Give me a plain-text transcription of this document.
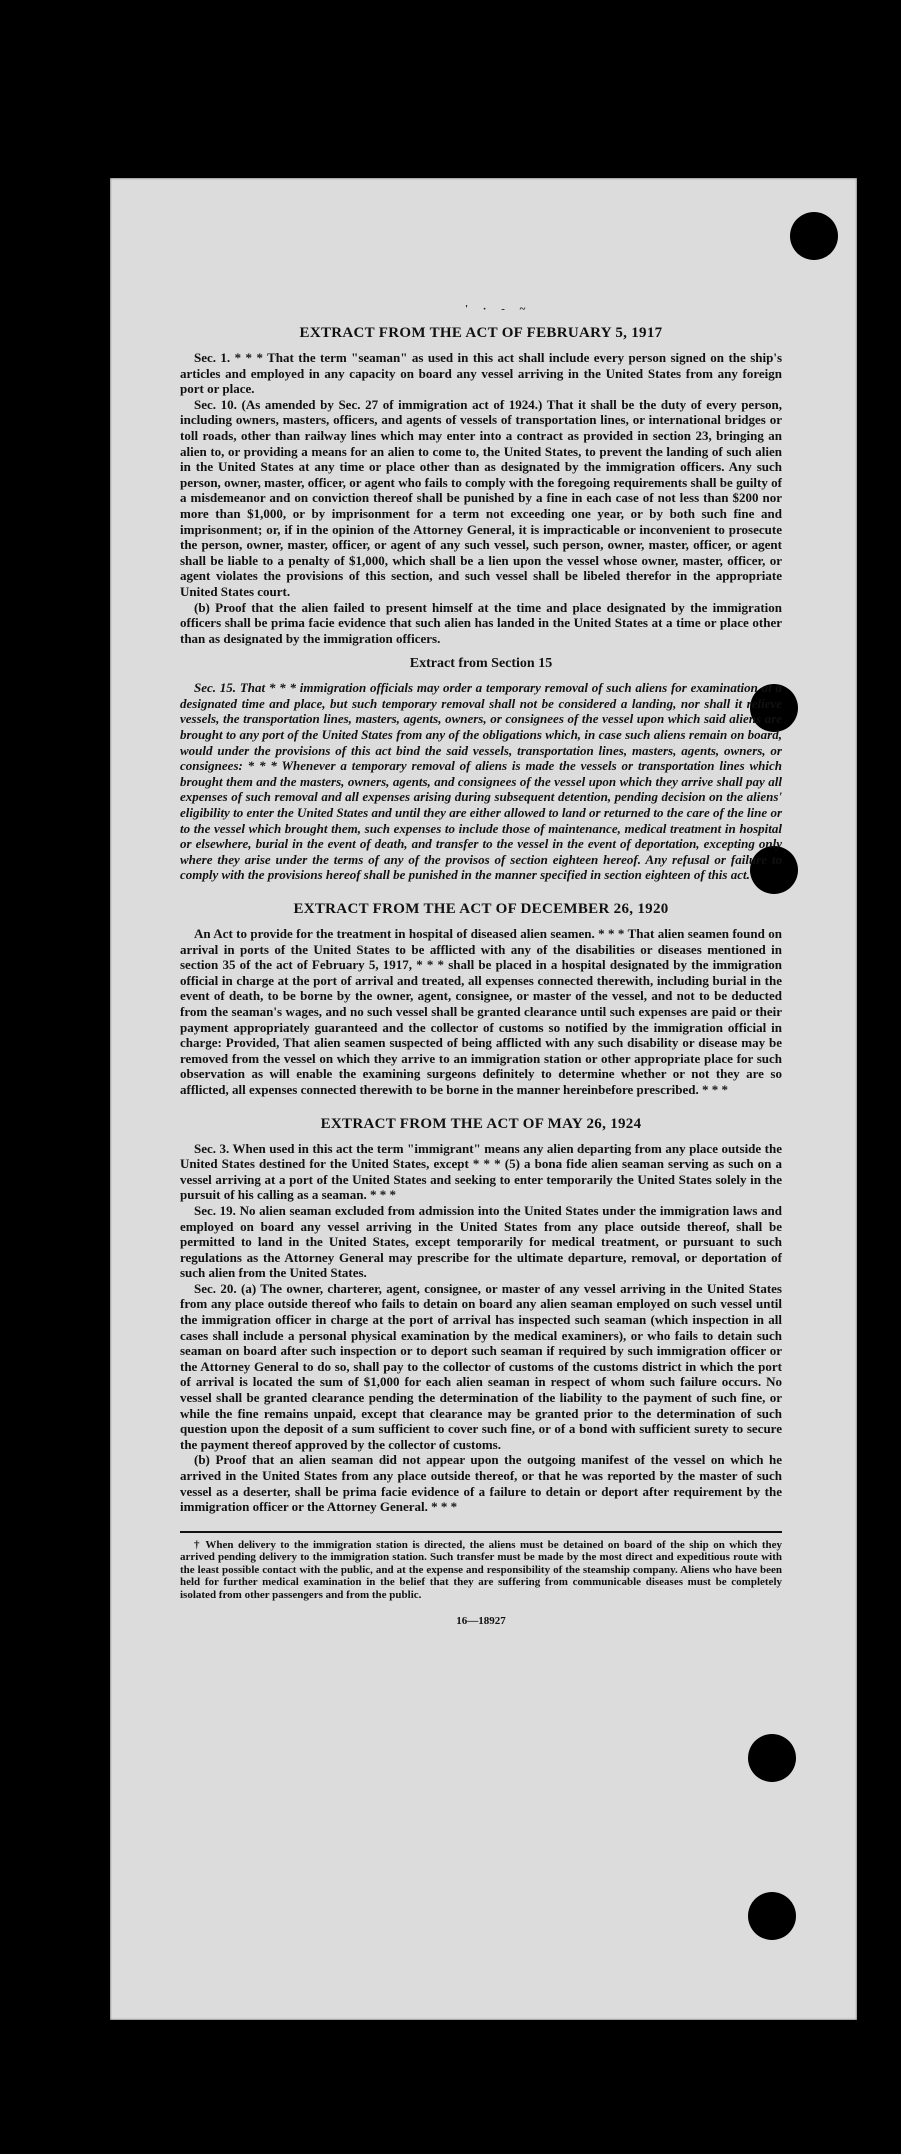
' · - ~
EXTRACT FROM THE ACT OF FEBRUARY 5, 1917

Sec. 1. * * * That the term "seaman" as used in this act shall include every person signed on the ship's articles and employed in any capacity on board any vessel arriving in the United States from any foreign port or place.

Sec. 10. (As amended by Sec. 27 of immigration act of 1924.) That it shall be the duty of every person, including owners, masters, officers, and agents of vessels of transportation lines, or international bridges or toll roads, other than railway lines which may enter into a contract as provided in section 23, bringing an alien to, or providing a means for an alien to come to, the United States, to prevent the landing of such alien in the United States at any time or place other than as designated by the immigration officers. Any such person, owner, master, officer, or agent who fails to comply with the foregoing requirements shall be guilty of a misdemeanor and on conviction thereof shall be punished by a fine in each case of not less than $200 nor more than $1,000, or by imprisonment for a term not exceeding one year, or by both such fine and imprisonment; or, if in the opinion of the Attorney General, it is impracticable or inconvenient to prosecute the person, owner, master, officer, or agent of any such vessel, such person, owner, master, officer, or agent shall be liable to a penalty of $1,000, which shall be a lien upon the vessel whose owner, master, officer, or agent violates the provisions of this section, and such vessel shall be libeled therefor in the appropriate United States court.

(b) Proof that the alien failed to present himself at the time and place designated by the immigration officers shall be prima facie evidence that such alien has landed in the United States at a time or place other than as designated by the immigration officers.

Extract from Section 15

Sec. 15. That * * * immigration officials may order a temporary removal of such aliens for examination at a designated time and place, but such temporary removal shall not be considered a landing, nor shall it relieve vessels, the transportation lines, masters, agents, owners, or consignees of the vessel upon which said aliens are brought to any port of the United States from any of the obligations which, in case such aliens remain on board, would under the provisions of this act bind the said vessels, transportation lines, masters, agents, owners, or consignees: * * * Whenever a temporary removal of aliens is made the vessels or transportation lines which brought them and the masters, owners, agents, and consignees of the vessel upon which they arrive shall pay all expenses of such removal and all expenses arising during subsequent detention, pending decision on the aliens' eligibility to enter the United States and until they are either allowed to land or returned to the care of the line or to the vessel which brought them, such expenses to include those of maintenance, medical treatment in hospital or elsewhere, burial in the event of death, and transfer to the vessel in the event of deportation, excepting only where they arise under the terms of any of the provisos of section eighteen hereof. Any refusal or failure to comply with the provisions hereof shall be punished in the manner specified in section eighteen of this act.

EXTRACT FROM THE ACT OF DECEMBER 26, 1920

An Act to provide for the treatment in hospital of diseased alien seamen. * * * That alien seamen found on arrival in ports of the United States to be afflicted with any of the disabilities or diseases mentioned in section 35 of the act of February 5, 1917, * * * shall be placed in a hospital designated by the immigration official in charge at the port of arrival and treated, all expenses connected therewith, including burial in the event of death, to be borne by the owner, agent, consignee, or master of the vessel, and not to be deducted from the seaman's wages, and no such vessel shall be granted clearance until such expenses are paid or their payment appropriately guaranteed and the collector of customs so notified by the immigration official in charge: Provided, That alien seamen suspected of being afflicted with any such disability or disease may be removed from the vessel on which they arrive to an immigration station or other appropriate place for such observation as will enable the examining surgeons definitely to determine whether or not they are so afflicted, all expenses connected therewith to be borne in the manner hereinbefore prescribed. * * *

EXTRACT FROM THE ACT OF MAY 26, 1924

Sec. 3. When used in this act the term "immigrant" means any alien departing from any place outside the United States destined for the United States, except * * * (5) a bona fide alien seaman serving as such on a vessel arriving at a port of the United States and seeking to enter temporarily the United States solely in the pursuit of his calling as a seaman. * * *

Sec. 19. No alien seaman excluded from admission into the United States under the immigration laws and employed on board any vessel arriving in the United States from any place outside thereof, shall be permitted to land in the United States, except temporarily for medical treatment, or pursuant to such regulations as the Attorney General may prescribe for the ultimate departure, removal, or deportation of such alien from the United States.

Sec. 20. (a) The owner, charterer, agent, consignee, or master of any vessel arriving in the United States from any place outside thereof who fails to detain on board any alien seaman employed on such vessel until the immigration officer in charge at the port of arrival has inspected such seaman (which inspection in all cases shall include a personal physical examination by the medical examiners), or who fails to detain such seaman on board after such inspection or to deport such seaman if required by such immigration officer or the Attorney General to do so, shall pay to the collector of customs of the customs district in which the port of arrival is located the sum of $1,000 for each alien seaman in respect of whom such failure occurs. No vessel shall be granted clearance pending the determination of the liability to the payment of such fine, or while the fine remains unpaid, except that clearance may be granted prior to the determination of such question upon the deposit of a sum sufficient to cover such fine, or of a bond with sufficient surety to secure the payment thereof approved by the collector of customs.

(b) Proof that an alien seaman did not appear upon the outgoing manifest of the vessel on which he arrived in the United States from any place outside thereof, or that he was reported by the master of such vessel as a deserter, shall be prima facie evidence of a failure to detain or deport after requirement by the immigration officer or the Attorney General. * * *

† When delivery to the immigration station is directed, the aliens must be detained on board of the ship on which they arrived pending delivery to the immigration station. Such transfer must be made by the most direct and expeditious route with the least possible contact with the public, and at the expense and responsibility of the steamship company. Aliens who have been held for further medical examination in the belief that they are suffering from communicable diseases must be completely isolated from other passengers and from the public.

16—18927
